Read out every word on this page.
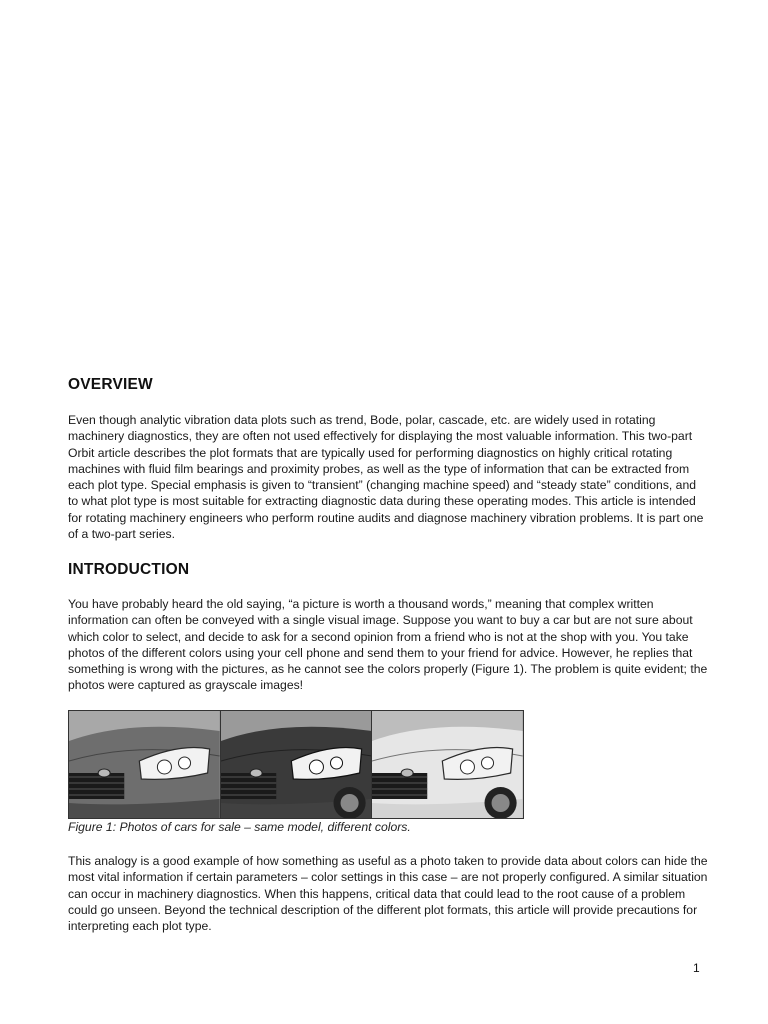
OVERVIEW

Even though analytic vibration data plots such as trend, Bode, polar, cascade, etc. are widely used in rotating machinery diagnostics, they are often not used effectively for displaying the most valuable information. This two-part Orbit article describes the plot formats that are typically used for performing diagnostics on highly critical rotating machines with fluid film bearings and proximity probes, as well as the type of information that can be extracted from each plot type. Special emphasis is given to “transient” (changing machine speed) and “steady state” conditions, and to what plot type is most suitable for extracting diagnostic data during these operating modes. This article is intended for rotating machinery engineers who perform routine audits and diagnose machinery vibration problems. It is part one of a two-part series.

INTRODUCTION

You have probably heard the old saying, “a picture is worth a thousand words,” meaning that complex written information can often be conveyed with a single visual image. Suppose you want to buy a car but are not sure about which color to select, and decide to ask for a second opinion from a friend who is not at the shop with you. You take photos of the different colors using your cell phone and send them to your friend for advice. However, he replies that something is wrong with the pictures, as he cannot see the colors properly (Figure 1). The problem is quite evident; the photos were captured as grayscale images!

Figure 1: Photos of cars for sale – same model, different colors.

This analogy is a good example of how something as useful as a photo taken to provide data about colors can hide the most vital information if certain parameters – color settings in this case – are not properly configured. A similar situation can occur in machinery diagnostics. When this happens, critical data that could lead to the root cause of a problem could go unseen. Beyond the technical description of the different plot formats, this article will provide precautions for interpreting each plot type.

1
